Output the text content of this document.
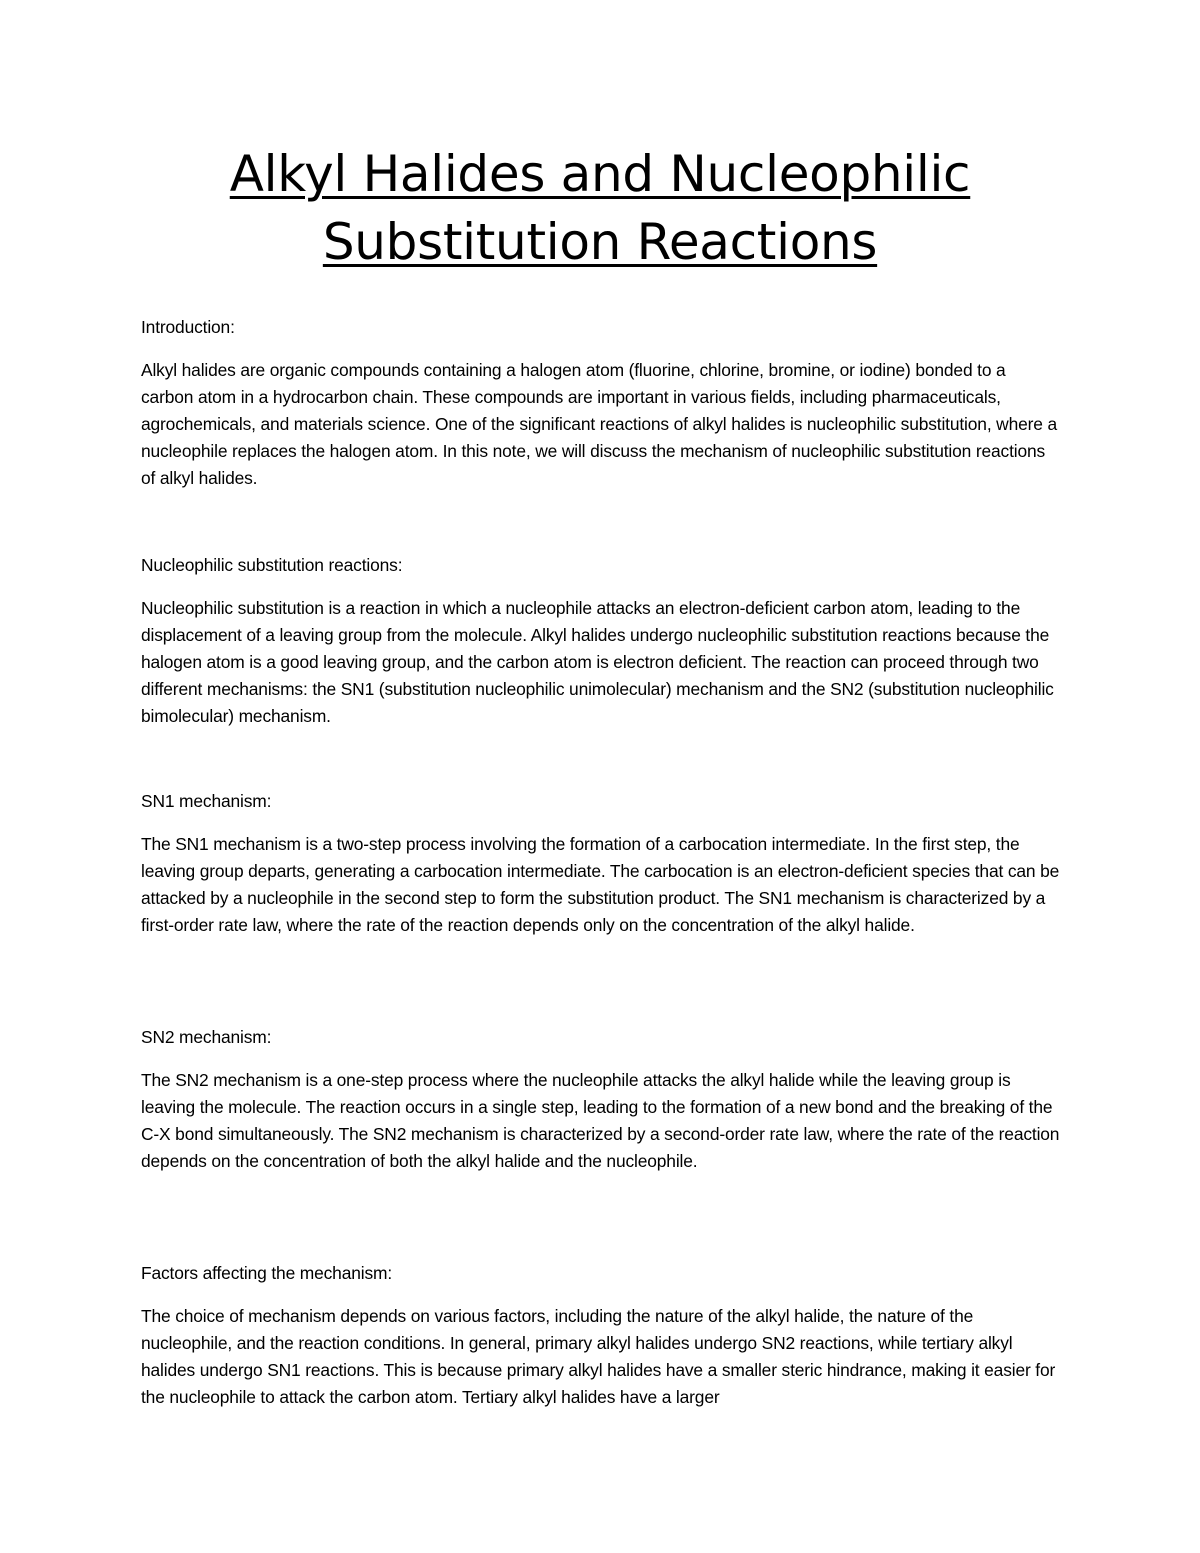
Alkyl Halides and Nucleophilic Substitution Reactions

Introduction:

Alkyl halides are organic compounds containing a halogen atom (fluorine, chlorine, bromine, or iodine) bonded to a carbon atom in a hydrocarbon chain. These compounds are important in various fields, including pharmaceuticals, agrochemicals, and materials science. One of the significant reactions of alkyl halides is nucleophilic substitution, where a nucleophile replaces the halogen atom. In this note, we will discuss the mechanism of nucleophilic substitution reactions of alkyl halides.

Nucleophilic substitution reactions:

Nucleophilic substitution is a reaction in which a nucleophile attacks an electron-deficient carbon atom, leading to the displacement of a leaving group from the molecule. Alkyl halides undergo nucleophilic substitution reactions because the halogen atom is a good leaving group, and the carbon atom is electron deficient. The reaction can proceed through two different mechanisms: the SN1 (substitution nucleophilic unimolecular) mechanism and the SN2 (substitution nucleophilic bimolecular) mechanism.

SN1 mechanism:

The SN1 mechanism is a two-step process involving the formation of a carbocation intermediate. In the first step, the leaving group departs, generating a carbocation intermediate. The carbocation is an electron-deficient species that can be attacked by a nucleophile in the second step to form the substitution product. The SN1 mechanism is characterized by a first-order rate law, where the rate of the reaction depends only on the concentration of the alkyl halide.

SN2 mechanism:

The SN2 mechanism is a one-step process where the nucleophile attacks the alkyl halide while the leaving group is leaving the molecule. The reaction occurs in a single step, leading to the formation of a new bond and the breaking of the C-X bond simultaneously. The SN2 mechanism is characterized by a second-order rate law, where the rate of the reaction depends on the concentration of both the alkyl halide and the nucleophile.

Factors affecting the mechanism:

The choice of mechanism depends on various factors, including the nature of the alkyl halide, the nature of the nucleophile, and the reaction conditions. In general, primary alkyl halides undergo SN2 reactions, while tertiary alkyl halides undergo SN1 reactions. This is because primary alkyl halides have a smaller steric hindrance, making it easier for the nucleophile to attack the carbon atom. Tertiary alkyl halides have a larger
